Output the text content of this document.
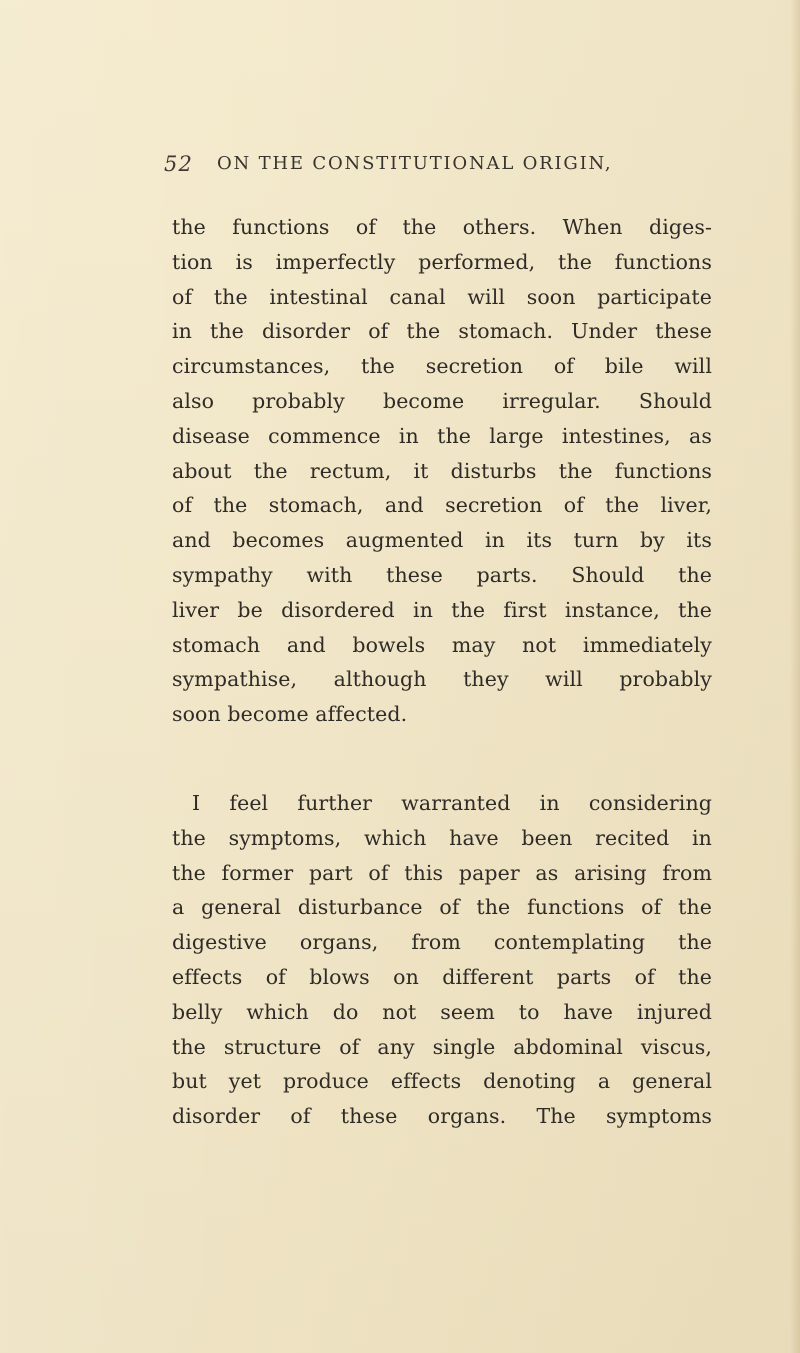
52 ON THE CONSTITUTIONAL ORIGIN,
the functions of the others. When diges-
tion is imperfectly performed, the functions
of the intestinal canal will soon participate
in the disorder of the stomach. Under these
circumstances, the secretion of bile will
also probably become irregular. Should
disease commence in the large intestines, as
about the rectum, it disturbs the functions
of the stomach, and secretion of the liver,
and becomes augmented in its turn by its
sympathy with these parts. Should the
liver be disordered in the first instance, the
stomach and bowels may not immediately
sympathise, although they will probably
soon become affected.
I feel further warranted in considering
the symptoms, which have been recited in
the former part of this paper as arising from
a general disturbance of the functions of the
digestive organs, from contemplating the
effects of blows on different parts of the
belly which do not seem to have injured
the structure of any single abdominal viscus,
but yet produce effects denoting a general
disorder of these organs. The symptoms
